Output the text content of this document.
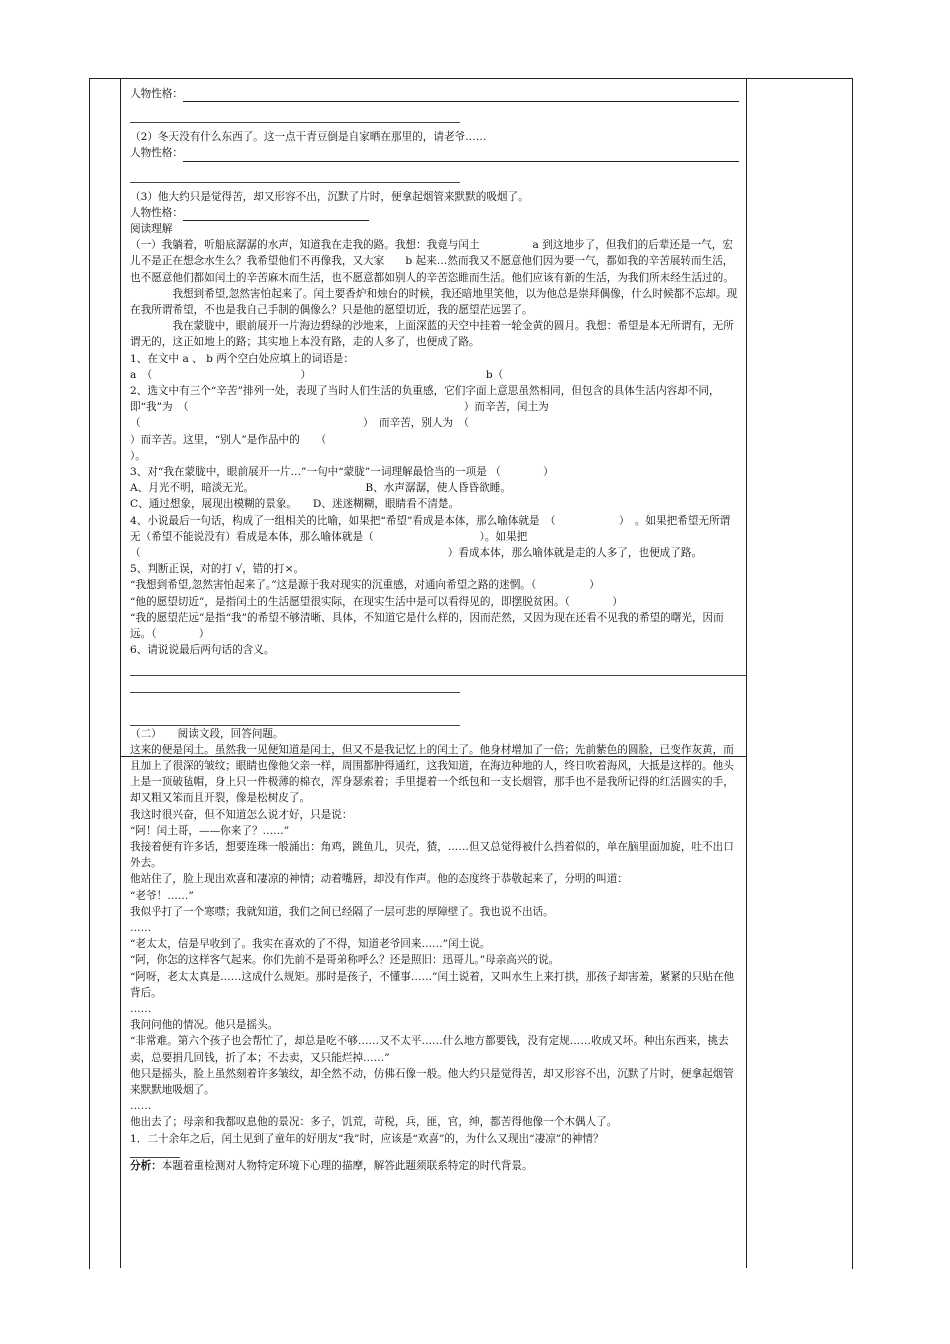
人物性格：

（2）冬天没有什么东西了。这一点干青豆倒是自家晒在那里的，请老爷……

人物性格：

（3）他大约只是觉得苦，却又形容不出，沉默了片时，便拿起烟管来默默的吸烟了。

人物性格：

阅读理解

（一）我躺着，听船底潺潺的水声，知道我在走我的路。我想：我竟与闰土　　　　　a 到这地步了，但我们的后辈还是一气，宏儿不是正在想念水生么？我希望他们不再像我，又大家　　b 起来…然而我又不愿意他们因为要一气，都如我的辛苦展转而生活，也不愿意他们都如闰土的辛苦麻木而生活，也不愿意都如别人的辛苦恣睢而生活。他们应该有新的生活，为我们所未经生活过的。

　　　　我想到希望,忽然害怕起来了。闰土要香炉和烛台的时候，我还暗地里笑他，以为他总是崇拜偶像，什么时候都不忘却。现在我所谓希望，不也是我自己手制的偶像么？只是他的愿望切近，我的愿望茫远罢了。

　　　　我在蒙胧中，眼前展开一片海边碧绿的沙地来，上面深蓝的天空中挂着一轮金黄的圆月。我想：希望是本无所谓有，无所谓无的，这正如地上的路；其实地上本没有路，走的人多了，也便成了路。

1、在文中 a 、 b 两个空白处应填上的词语是：

a　（　　　　　　　　　　　　　　）　　　　　　　　　　　　　　　　　b（

2、选文中有三个“辛苦”排列一处，表现了当时人们生活的负重感，它们字面上意思虽然相同，但包含的具体生活内容却不同，即“我”为　（　　　　　　　　　　　　　　　　　　　　　　　　　　）而辛苦，闰土为（　　　　　　　　　　　　　　　　　　　　　）　而辛苦，别人为　（

）而辛苦。这里，“别人”是作品中的　　（

）。

3、对“我在蒙胧中，眼前展开一片…”一句中“蒙胧”一词理解最恰当的一项是 （　　　　）

A、月光不明，暗淡无光。　　　　　　　　　　　B、水声潺潺，使人昏昏欲睡。

C、通过想象，展现出模糊的景象。　　D、迷迷糊糊，眼睛看不清楚。

4、小说最后一句话，构成了一组相关的比喻，如果把“希望”看成是本体，那么喻体就是　（　　　　　　）　。如果把希望无所谓无（希望不能说没有）看成是本体，那么喻体就是（　　　　　　　　　　）。如果把　（　　　　　　　　　　　　　　　　　　　　　　　　　　　　　）看成本体，那么喻体就是走的人多了，也便成了路。

5、判断正误，对的打 √，错的打×。

“我想到希望,忽然害怕起来了。”这是源于我对现实的沉重感，对通向希望之路的迷惘。（　　　　　）

“他的愿望切近”，是指闰土的生活愿望很实际，在现实生活中是可以看得见的，即摆脱贫困。（　　　　）

“我的愿望茫远”是指“我”的希望不够清晰、具体，不知道它是什么样的，因而茫然，又因为现在还看不见我的希望的曙光，因而远。（　　　　）

6、请说说最后两句话的含义。

（二）　　阅读文段，回答问题。

这来的便是闰土。虽然我一见便知道是闰土，但又不是我记忆上的闰土了。他身材增加了一倍；先前紫色的圆脸，已变作灰黄，而且加上了很深的皱纹；眼睛也像他父亲一样，周围都肿得通红，这我知道，在海边种地的人，终日吹着海风，大抵是这样的。他头上是一顶破毡帽，身上只一件极薄的棉衣，浑身瑟索着；手里提着一个纸包和一支长烟管，那手也不是我所记得的红活圆实的手，却又粗又笨而且开裂，像是松树皮了。

我这时很兴奋，但不知道怎么说才好，只是说：

“阿！闰土哥，——你来了？……”

我接着便有许多话，想要连珠一般涌出：角鸡，跳鱼儿，贝壳，猹，……但又总觉得被什么挡着似的，单在脑里面加旋，吐不出口外去。

他站住了，脸上现出欢喜和凄凉的神情；动着嘴唇，却没有作声。他的态度终于恭敬起来了，分明的叫道：

“老爷！……”

我似乎打了一个寒噤；我就知道，我们之间已经隔了一层可悲的厚障壁了。我也说不出话。

……

“老太太，信是早收到了。我实在喜欢的了不得，知道老爷回来……”闰土说。

“阿，你怎的这样客气起来。你们先前不是哥弟称呼么？还是照旧：迅哥儿。”母亲高兴的说。

“阿呀，老太太真是……这成什么规矩。那时是孩子，不懂事……”闰土说着，又叫水生上来打拱，那孩子却害羞，紧紧的只贴在他背后。

……

我问问他的情况。他只是摇头。

“非常难。第六个孩子也会帮忙了，却总是吃不够……又不太平……什么地方都要钱，没有定规……收成又坏。种出东西来，挑去卖，总要捐几回钱，折了本；不去卖，又只能烂掉……”

他只是摇头，脸上虽然刻着许多皱纹，却全然不动，仿佛石像一般。他大约只是觉得苦，却又形容不出，沉默了片时，便拿起烟管来默默地吸烟了。

……

他出去了；母亲和我都叹息他的景况：多子，饥荒，苛税，兵，匪，官，绅，都苦得他像一个木偶人了。

1．二十余年之后，闰土见到了童年的好朋友“我”时，应该是“欢喜”的，为什么又现出“凄凉”的神情？

分析：本题着重检测对人物特定环境下心理的描摩，解答此题须联系特定的时代背景。
